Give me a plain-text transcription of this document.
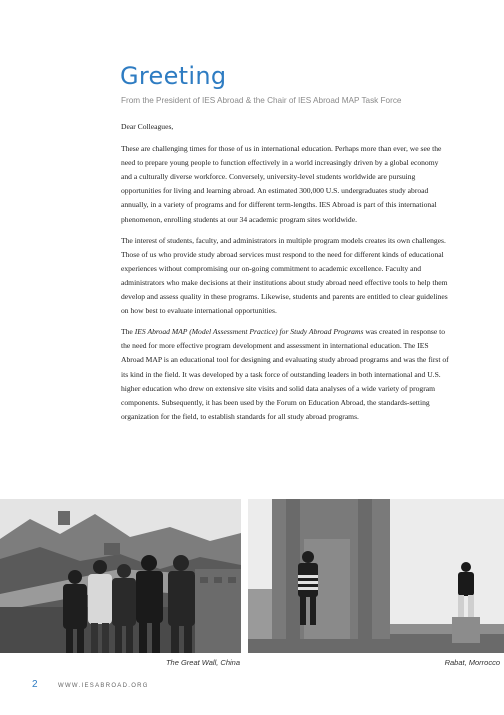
Greeting
From the President of IES Abroad & the Chair of IES Abroad MAP Task Force

Dear Colleagues,

These are challenging times for those of us in international education. Perhaps more than ever, we see the need to prepare young people to function effectively in a world increasingly driven by a global economy and a culturally diverse workforce. Conversely, university-level students worldwide are pursuing opportunities for living and learning abroad. An estimated 300,000 U.S. undergraduates study abroad annually, in a variety of programs and for different term-lengths. IES Abroad is part of this international phenomenon, enrolling students at our 34 academic program sites worldwide.

The interest of students, faculty, and administrators in multiple program models creates its own challenges. Those of us who provide study abroad services must respond to the need for different kinds of educational experiences without compromising our on-going commitment to academic excellence. Faculty and administrators who make decisions at their institutions about study abroad need effective tools to help them develop and assess quality in these programs. Likewise, students and parents are entitled to clear guidelines on how best to evaluate international opportunities.

The IES Abroad MAP (Model Assessment Practice) for Study Abroad Programs was created in response to the need for more effective program development and assessment in international education. The IES Abroad MAP is an educational tool for designing and evaluating study abroad programs and was the first of its kind in the field. It was developed by a task force of outstanding leaders in both international and U.S. higher education who drew on extensive site visits and solid data analyses of a wide variety of program components. Subsequently, it has been used by the Forum on Education Abroad, the standards-setting organization for the field, to establish standards for all study abroad programs.

The Great Wall, China	Rabat, Morrocco
2	WWW.IESABROAD.ORG
